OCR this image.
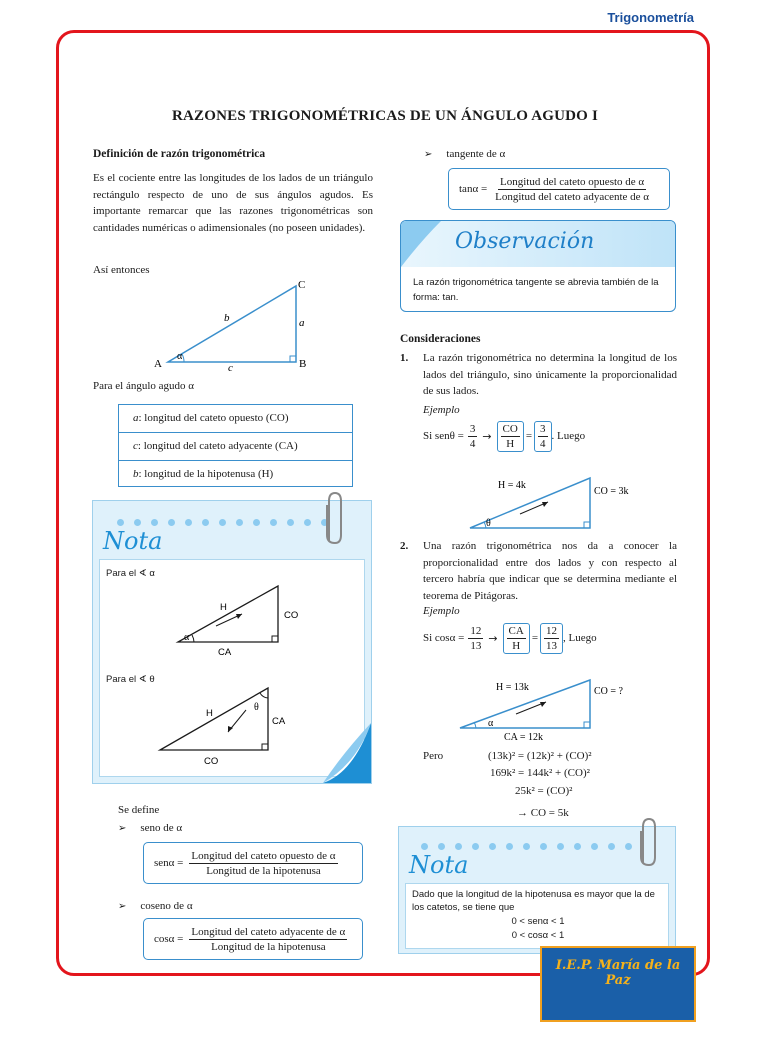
Trigonometría
RAZONES TRIGONOMÉTRICAS DE UN ÁNGULO AGUDO I
Definición de razón trigonométrica
Es el cociente entre las longitudes de los lados de un triángulo rectángulo respecto de uno de sus ángulos agudos. Es importante remarcar que las razones trigonométricas son cantidades numéricas o adimensionales (no poseen unidades).
Así entonces
A	B
C
a
b
c
α
Para el ángulo agudo α
a: longitud del cateto opuesto (CO)
c: longitud del cateto adyacente (CA)
b: longitud de la hipotenusa (H)
Nota
Para el ∢ α
α
H
CO
CA
Para el ∢ θ
θ
H
CA
CO
Se define
➢ seno de α
$sen\alpha = \frac{\text{Longitud del cateto opuesto de α}}{\text{Longitud de la hipotenusa}}$
➢ coseno de α
$\cos\alpha = \frac{\text{Longitud del cateto adyacente de α}}{\text{Longitud de la hipotenusa}}$
➢ tangente de α
$\tan\alpha = \frac{\text{Longitud del cateto opuesto de α}}{\text{Longitud del cateto adyacente de α}}$
Observación
La razón trigonométrica tangente se abrevia también de la forma: tan.
Consideraciones
1. La razón trigonométrica no determina la longitud de los lados del triángulo, sino únicamente la proporcionalidad de sus lados.
Ejemplo
Si $sen\theta = \frac{3}{4} \to \frac{CO}{H} = \frac{3}{4}$ . Luego
θ
H = 4k
CO = 3k
2. Una razón trigonométrica nos da a conocer la proporcionalidad entre dos lados y con respecto al tercero habría que indicar que se determina mediante el teorema de Pitágoras.
Ejemplo
Si $\cos\alpha = \frac{12}{13} \to \frac{CA}{H} = \frac{12}{13}$ , Luego
α
H = 13k	CO = ?
CA = 12k
Pero	(13k)² = (12k)² + (CO)²
169k² = 144k² + (CO)²
25k² = (CO)²
→ CO = 5k
Nota
Dado que la longitud de la hipotenusa es mayor que la de los catetos, se tiene que
0 < senα < 1
0 < cosα < 1
I.E.P. María de la Paz
"Educación para toda la vida"
